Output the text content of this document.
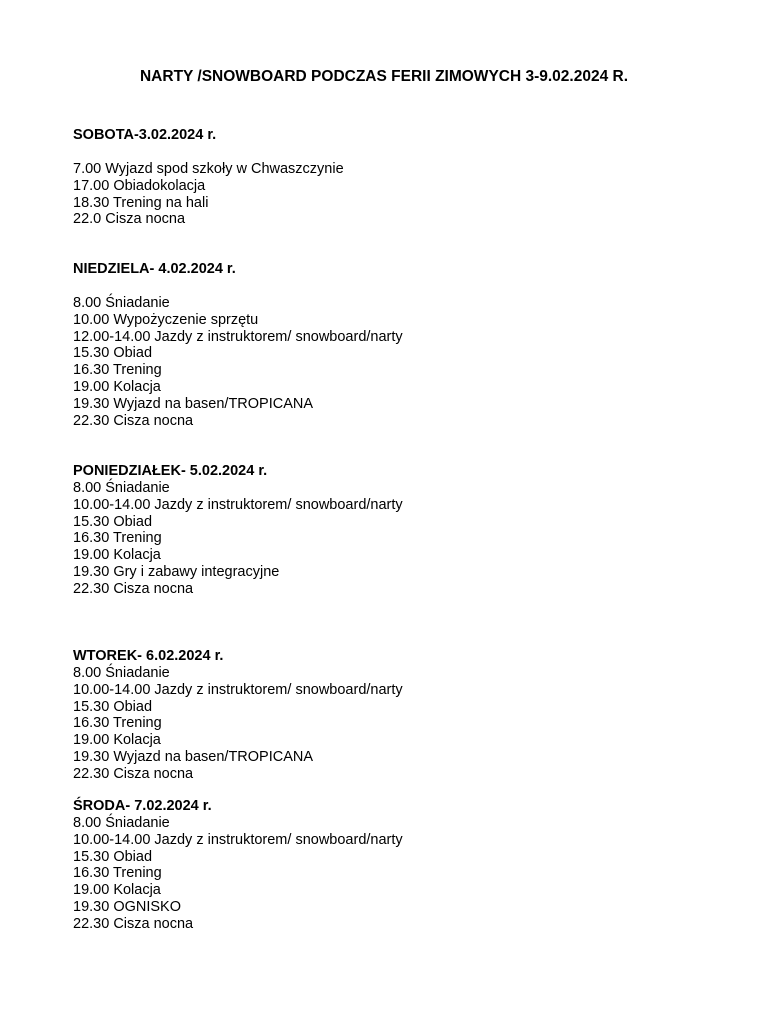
NARTY /SNOWBOARD PODCZAS FERII ZIMOWYCH 3-9.02.2024 R.
SOBOTA-3.02.2024 r.
7.00 Wyjazd spod szkoły w Chwaszczynie
17.00 Obiadokolacja
18.30 Trening na hali
22.0 Cisza nocna
NIEDZIELA- 4.02.2024 r.
8.00 Śniadanie
10.00 Wypożyczenie sprzętu
12.00-14.00 Jazdy z instruktorem/ snowboard/narty
15.30 Obiad
16.30 Trening
19.00 Kolacja
19.30 Wyjazd na basen/TROPICANA
22.30 Cisza nocna
PONIEDZIAŁEK- 5.02.2024 r.
8.00 Śniadanie
10.00-14.00 Jazdy z instruktorem/ snowboard/narty
15.30 Obiad
16.30 Trening
19.00 Kolacja
19.30 Gry i zabawy integracyjne
22.30 Cisza nocna
WTOREK- 6.02.2024 r.
8.00 Śniadanie
10.00-14.00 Jazdy z instruktorem/ snowboard/narty
15.30 Obiad
16.30 Trening
19.00 Kolacja
19.30 Wyjazd na basen/TROPICANA
22.30 Cisza nocna
ŚRODA- 7.02.2024 r.
8.00 Śniadanie
10.00-14.00 Jazdy z instruktorem/ snowboard/narty
15.30 Obiad
16.30 Trening
19.00 Kolacja
19.30 OGNISKO
22.30 Cisza nocna
